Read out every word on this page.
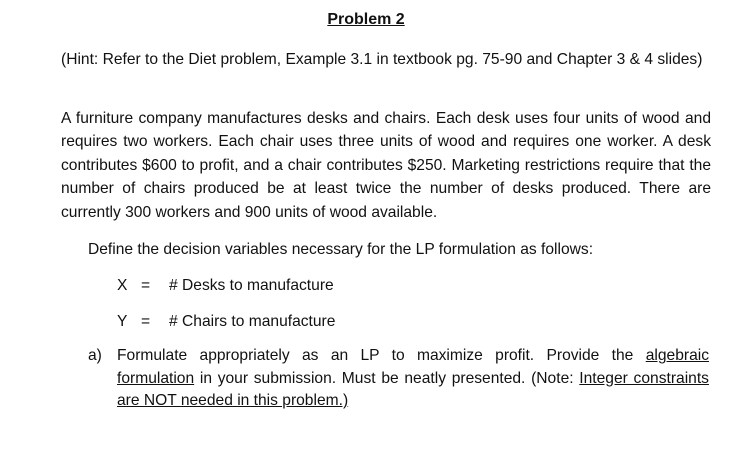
Problem 2
(Hint: Refer to the Diet problem, Example 3.1 in textbook pg. 75-90 and Chapter 3 & 4 slides)
A furniture company manufactures desks and chairs. Each desk uses four units of wood and requires two workers. Each chair uses three units of wood and requires one worker. A desk contributes $600 to profit, and a chair contributes $250. Marketing restrictions require that the number of chairs produced be at least twice the number of desks produced. There are currently 300 workers and 900 units of wood available.
Define the decision variables necessary for the LP formulation as follows:
X = # Desks to manufacture
Y = # Chairs to manufacture
a) Formulate appropriately as an LP to maximize profit. Provide the algebraic formulation in your submission. Must be neatly presented. (Note: Integer constraints are NOT needed in this problem.)
